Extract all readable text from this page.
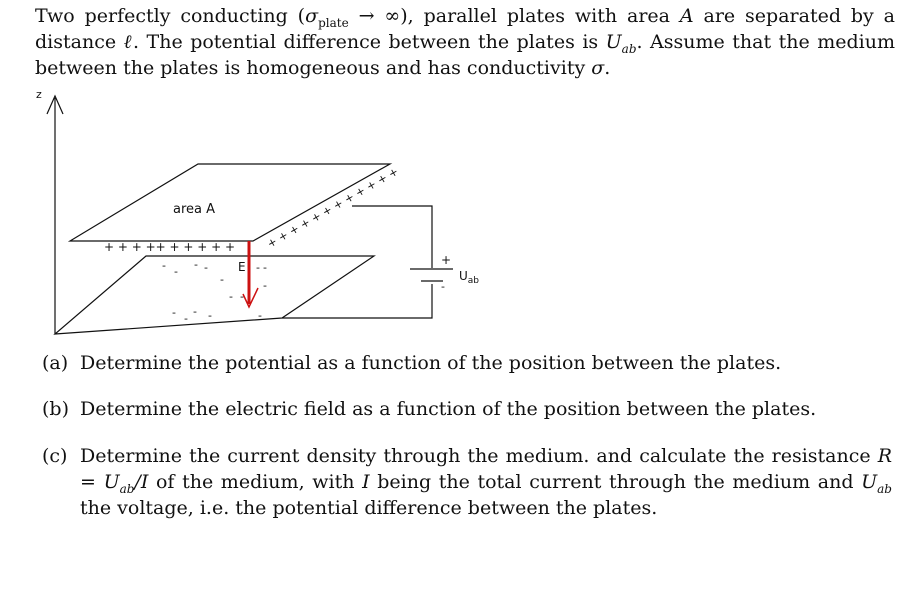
Two perfectly conducting ($\sigma_{plate}$ → ∞), parallel plates with area A are separated by a distance ℓ. The potential difference between the plates is $U_{ab}$. Assume that the medium between the plates is homogeneous and has conductivity σ.
z
area A
+ + + ++ + + + + +	+ + + + + + + + + + + +
- -
- -
-
- -
- -
-
- -
- -	-
E	+
-
$U_{ab}$
(a) Determine the potential as a function of the position between the plates.
(b) Determine the electric field as a function of the position between the plates.
(c) Determine the current density through the medium. and calculate the resistance $R = U_{ab}/I$ of the medium, with I being the total current through the medium and $U_{ab}$ the voltage, i.e. the potential difference between the plates.
